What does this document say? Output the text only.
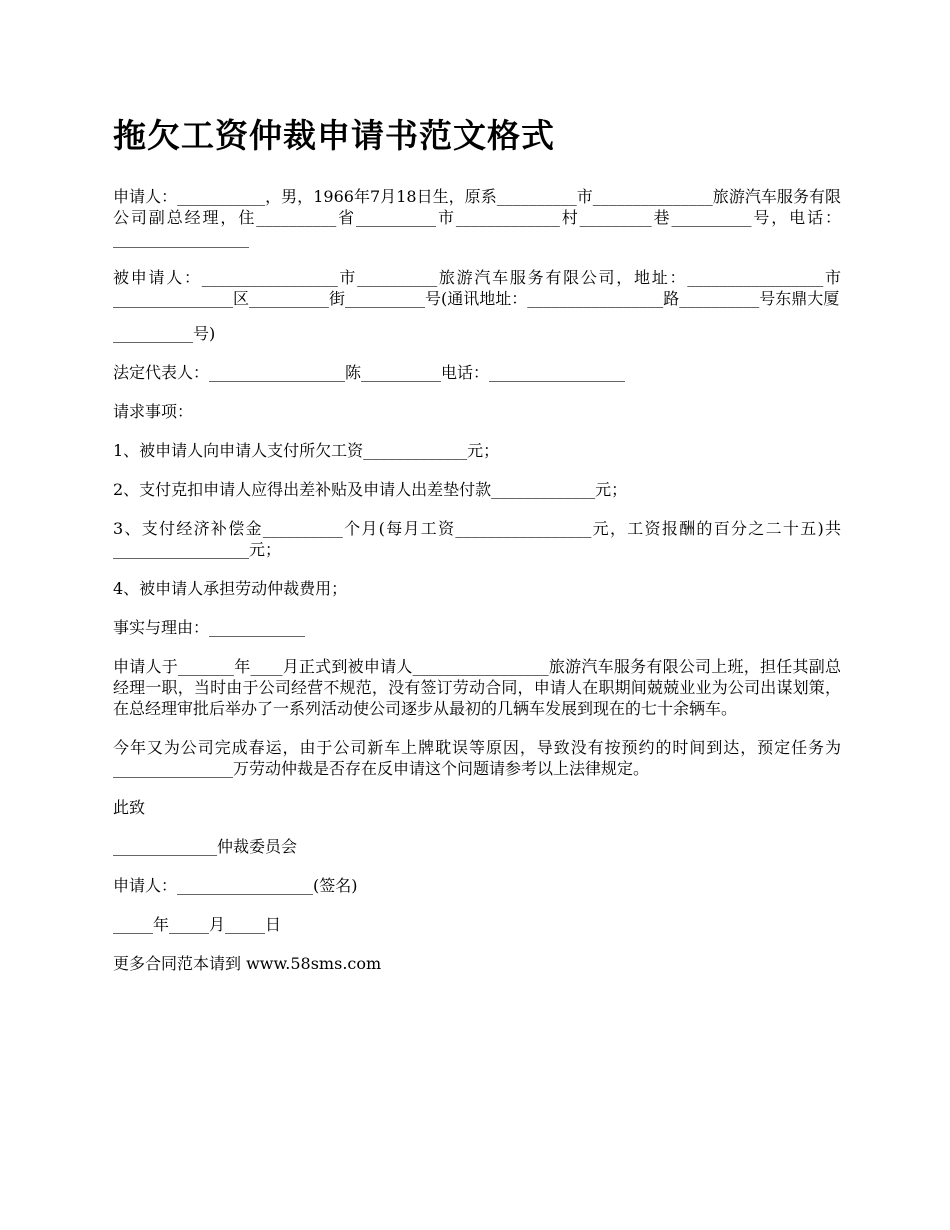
拖欠工资仲裁申请书范文格式

申请人：___________，男，1966年7月18日生，原系__________市_______________旅游汽车服务有限公司副总经理，住__________省__________市_____________村_________巷__________号，电话：_________________

被申请人：_________________市__________旅游汽车服务有限公司，地址：_________________市_______________区__________街__________号(通讯地址：_________________路__________号东鼎大厦

__________号)

法定代表人：_________________陈__________电话：_________________

请求事项：

1、被申请人向申请人支付所欠工资_____________元；

2、支付克扣申请人应得出差补贴及申请人出差垫付款_____________元；

3、支付经济补偿金__________个月(每月工资_________________元，工资报酬的百分之二十五)共_________________元；

4、被申请人承担劳动仲裁费用；

事实与理由：____________

申请人于_______年____月正式到被申请人_________________旅游汽车服务有限公司上班，担任其副总经理一职，当时由于公司经营不规范，没有签订劳动合同，申请人在职期间兢兢业业为公司出谋划策，在总经理审批后举办了一系列活动使公司逐步从最初的几辆车发展到现在的七十余辆车。

今年又为公司完成春运，由于公司新车上牌耽误等原因，导致没有按预约的时间到达，预定任务为_______________万劳动仲裁是否存在反申请这个问题请参考以上法律规定。

此致

_____________仲裁委员会

申请人：_________________(签名)

_____年_____月_____日

更多合同范本请到 www.58sms.com
